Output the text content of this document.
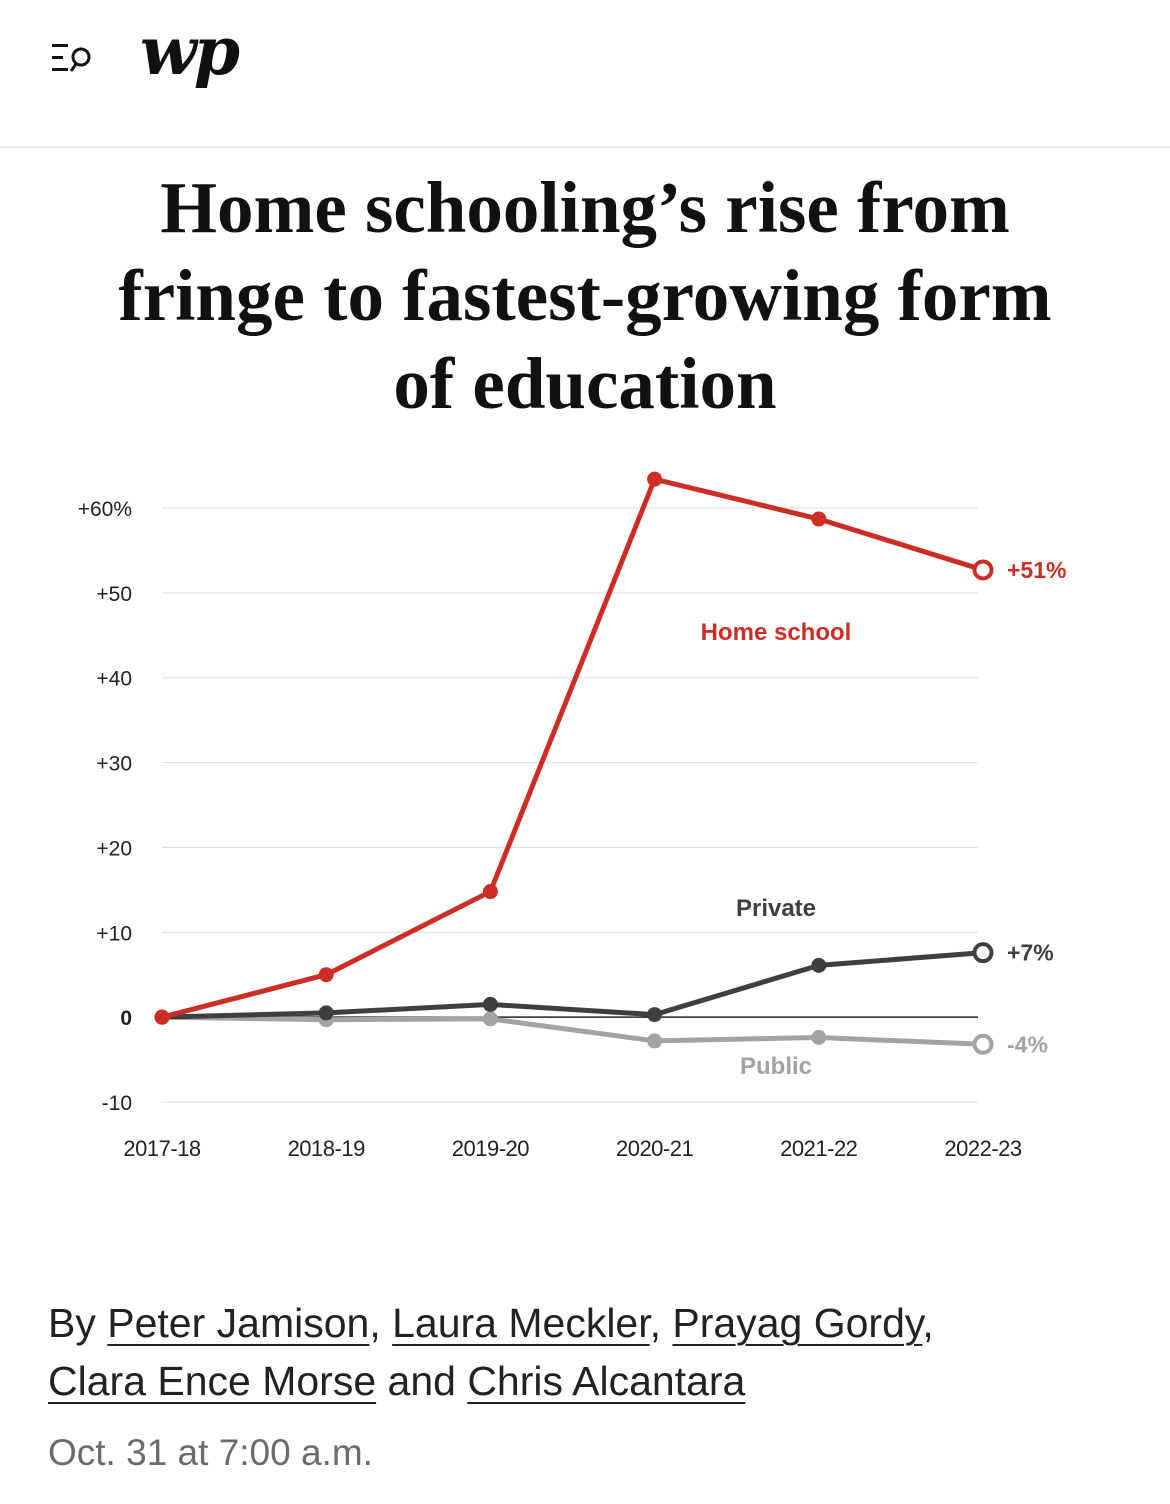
wp
Home schooling’s rise from
fringe to fastest-growing form
of education
-10
0
+10
+20
+30
+40
+50
+60%
2017-18	2018-19	2019-20	2020-21	2021-22	2022-23
-4%
Public
+7%
Private
+51%
Home school
By Peter Jamison, Laura Meckler, Prayag Gordy,
Clara Ence Morse and Chris Alcantara
Oct. 31 at 7:00 a.m.
